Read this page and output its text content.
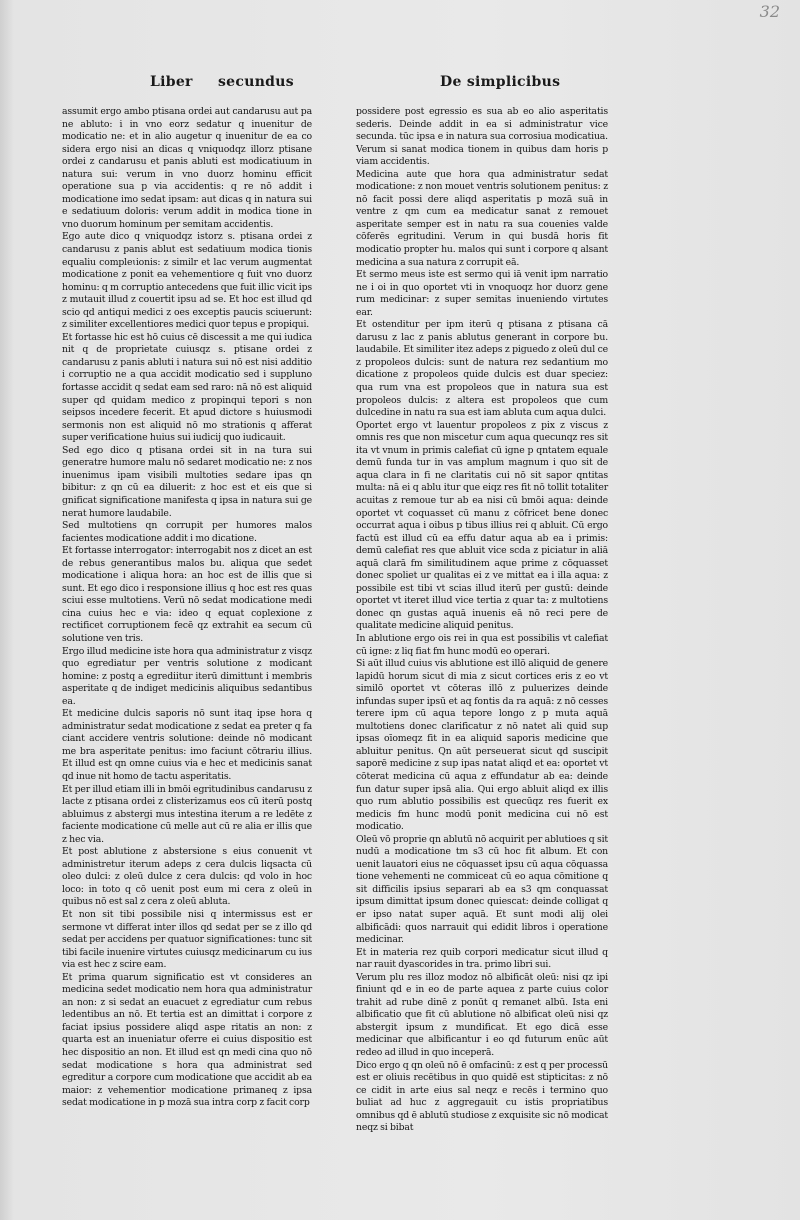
32
Liber secundus	De simplicibus

assumit ergo ambo ptisana ordei aut candarusu aut pa ne abluto: i in vno eorz sedatur q inuenitur de modicatio ne: et in alio augetur q inuenitur de ea co sidera ergo nisi an dicas q vniquodqz illorz ptisane ordei z candarusu et panis abluti est modicatiuum in natura sui: verum in vno duorz hominu efficit operatione sua p via accidentis: q re nō addit i modicatione imo sedat ipsam: aut dicas q in natura sui e sedatiuum doloris: verum addit in modica tione in vno duorum hominum per semitam accidentis.

Ego aute dico q vniquodqz istorz s. ptisana ordei z candarusu z panis ablut est sedatiuum modica tionis equaliu compleɩionis: z similr et lac verum augmentat modicatione z ponit ea vehementiore q fuit vno duorz hominu: q m corruptio antecedens que fuit illic vicit ips z mutauit illud z couertit ipsu ad se. Et hoc est illud qd scio qd antiqui medici z oes exceptis paucis sciuerunt: z similiter excellentiores medici quor tepus e propiqui.

Et fortasse hic est hō cuius cē discessit a me qui iudica nit q de proprietate cuiusqz s. ptisane ordei z candarusu z panis abluti i natura sui nō est nisi additio i corruptio ne a qua accidit modicatio sed i suppluno fortasse accidit q sedat eam sed raro: nā nō est aliquid super qd quidam medico z propinqui tepori s non seipsos incedere fecerit. Et apud dictore s huiusmodi sermonis non est aliquid nō mo strationis q afferat super verificatione huius sui iudicij quo iudicauit.

Sed ego dico q ptisana ordei sit in na tura sui generatre humore malu nō sedaret modicatio ne: z nos inuenimus ipam visibili multoties sedare ipas qn bibitur: z qn cū ea diluerit: z hoc est et eis que si gnificat significatione manifesta q ipsa in natura sui ge nerat humore laudabile.

Sed multotiens qn corrupit per humores malos facientes modicatione addit i mo dicatione.

Et fortasse interrogator: interrogabit nos z dicet an est de rebus generantibus malos bu. aliqua que sedet modicatione i aliqua hora: an hoc est de illis que si sunt. Et ego dico i responsione illius q hoc est res quas sciui esse multotiens. Verū nō sedat modicatione medi cina cuius hec e via: ideo q equat coplexione z rectificet corruptionem fecē qz extrahit ea secum cū solutione ven tris.

Ergo illud medicine iste hora qua administratur z visqz quo egrediatur per ventris solutione z modicant homine: z postq a egrediitur iterū dimittunt i membris asperitate q de indiget medicinis aliquibus sedantibus ea.

Et medicine dulcis saporis nō sunt itaq ipse hora q administratur sedat modicatione z sedat ea preter q fa ciant accidere ventris solutione: deinde nō modicant me bra asperitate penitus: imo faciunt cōtrariu illius. Et illud est qn omne cuius via e hec et medicinis sanat qd inue nit homo de tactu asperitatis.

Et per illud etiam illi in bmōi egritudinibus candarusu z lacte z ptisana ordei z clisterizamus eos cū iterū postq abluimus z abstergi mus intestina iterum a re ledēte z faciente modicatione cū melle aut cū re alia er illis que z hec via.

Et post ablutione z abstersione s eius conuenit vt administretur iterum adeps z cera dulcis liqsacta cū oleo dulci: z oleū dulce z cera dulcis: qd volo in hoc loco: in toto q cō uenit post eum mi cera z oleū in quibus nō est sal z cera z oleū abluta.

Et non sit tibi possibile nisi q intermissus est er sermone vt differat inter illos qd sedat per se z illo qd sedat per accidens per quatuor significationes: tunc sit tibi facile inuenire virtutes cuiusqz medicinarum cu ius via est hec z scire eam.

Et prima quarum significatio est vt consideres an medicina sedet modicatio nem hora qua administratur an non: z si sedat an euacuet z egrediatur cum rebus ledentibus an nō. Et tertia est an dimittat i corpore z faciat ipsius possidere aliqd aspe ritatis an non: z quarta est an inueniatur oferre ei cuius dispositio est hec dispositio an non. Et illud est qn medi cina quo nō sedat modicatione s hora qua administrat sed egreditur a corpore cum modicatione que accidit ab ea maior: z vehementior modicatione primaneq z ipsa sedat modicatione in p mozā sua intra corp z facit corp

possidere post egressio es sua ab eo alio asperitatis sederis. Deinde addit in ea si administratur vice secunda. tūc ipsa e in natura sua corrosiua modicatiua. Verum si sanat modica tionem in quibus dam horis p viam accidentis.

Medicina aute que hora qua administratur sedat modicatione: z non mouet ventris solutionem penitus: z nō facit possi dere aliqd asperitatis p mozā suā in ventre z qm cum ea medicatur sanat z remouet asperitate semper est in natu ra sua couenies valde cōferēs egritudini. Verum in qui busdā horis fit modicatio propter hu. malos qui sunt i corpore q alsant medicina a sua natura z corrupit eā.

Et sermo meus iste est sermo qui iā venit ipm narratio ne i oi in quo oportet vti in vnoquoqz hor duorz gene rum medicinar: z super semitas inueniendo virtutes ear.

Et ostenditur per ipm iterū q ptisana z ptisana cā darusu z lac z panis ablutus generant in corpore bu. laudabile. Et similiter itez adeps z piguedo z oleū dul ce z propoleos dulcis: sunt de natura rez sedantium mo dicatione z propoleos quide dulcis est duar speciez: qua rum vna est propoleos que in natura sua est propoleos dulcis: z altera est propoleos que cum dulcedine in natu ra sua est iam abluta cum aqua dulci.

Oportet ergo vt lauentur propoleos z pix z viscus z omnis res que non miscetur cum aqua quecunqz res sit ita vt vnum in primis calefiat cū igne p qntatem equale demū funda tur in vas amplum magnum i quo sit de aqua clara in fi ne claritatis cui nō sit sapor qntitas multa: nā ei q ablu itur que eiqz res fit nō tollit totaliter acuitas z remoue tur ab ea nisi cū bmōi aqua: deinde oportet vt coquasset cū manu z cōfricet bene donec occurrat aqua i oibus p tibus illius rei q abluit. Cū ergo factū est illud cū ea effu datur aqua ab ea i primis: demū calefiat res que abluit vice scda z piciatur in aliā aquā clarā fm similitudinem aque prime z cōquasset donec spoliet ur qualitas ei z ve mittat ea i illa aqua: z possibile est tibi vt scias illud iterū per gustū: deinde oportet vt iteret illud vice tertia z quar ta: z multotiens donec qn gustas aquā inuenis eā nō reci pere de qualitate medicine aliquid penitus.

In ablutione ergo ois rei in qua est possibilis vt calefiat cū igne: z liq fiat fm hunc modū eo operari.

Si aūt illud cuius vis ablutione est illō aliquid de genere lapidū horum sicut di mia z sicut cortices eris z eo vt similō oportet vt cōteras illō z puluerizes deinde infundas super ipsū et aq fontis da ra aquā: z nō cesses terere ipm cū aqua tepore longo z p muta aquā multotiens donec clarificatur z nō natet ali quid sup ipsas oīomeqz fit in ea aliquid saporis medicine que abluitur penitus. Qn aūt perseuerat sicut qd suscipit saporē medicine z sup ipas natat aliqd et ea: oportet vt cōterat medicina cū aqua z effundatur ab ea: deinde fun datur super ipsā alia. Qui ergo abluit aliqd ex illis quo rum ablutio possibilis est quecūqz res fuerit ex medicis fm hunc modū ponit medicina cui nō est modicatio.

Oleū vō proprie qn ablutū nō acquirit per ablutioes q sit nudū a modicatione tm s3 cū hoc fit album. Et con uenit lauatori eius ne cōquasset ipsu cū aqua cōquassa tione vehementi ne commiceat cū eo aqua cōmitione q sit difficilis ipsius separari ab ea s3 qm conquassat ipsum dimittat ipsum donec quiescat: deinde colligat q er ipso natat super aquā. Et sunt modi alij olei albificādi: quos narrauit qui edidit libros i operatione medicinar.

Et in materia rez quib corpori medicatur sicut illud q nar rauit dyascorides in tra. primo libri sui.

Verum plu res illoz modoz nō albificāt oleū: nisi qz ipi finiunt qd e in eo de parte aquea z parte cuius color trahit ad rube dinē z ponūt q remanet albū. Ista eni albificatio que fit cū ablutione nō albificat oleū nisi qz abstergit ipsum z mundificat. Et ego dicā esse medicinar que albificantur i eo qd futurum enūc aūt redeo ad illud in quo inceperā.

Dico ergo q qn oleū nō ē omfacinū: z est q per processū est er oliuis recētibus in quo quidē est stipticitas: z nō ce cidit in arte eius sal neqz e recēs i termino quo buliat ad huc z aggregauit cu istis propriatibus omnibus qd ē ablutū studiose z exquisite sic nō modicat neqz si bibat
